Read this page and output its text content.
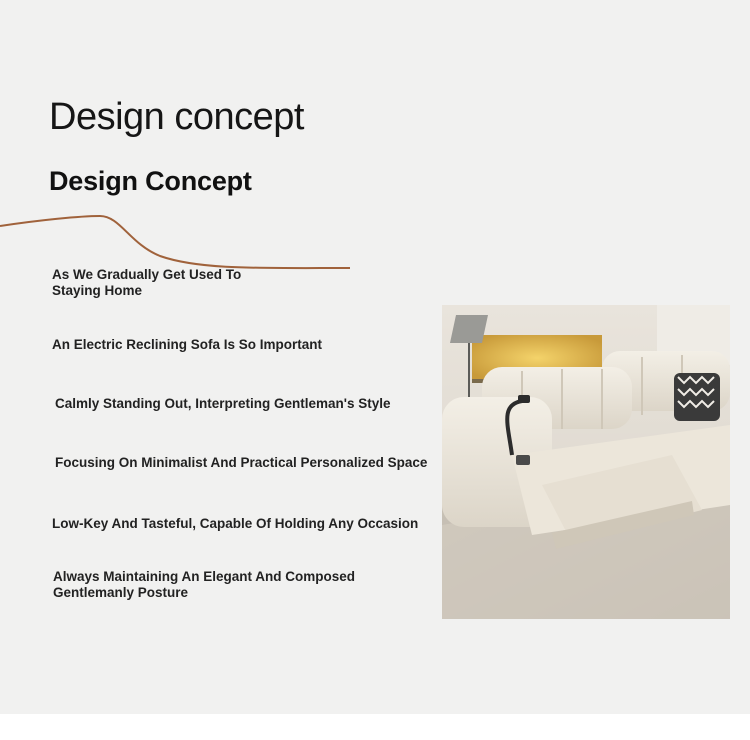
Design concept
Design Concept
As We Gradually Get Used To
Staying Home
An Electric Reclining Sofa Is So Important
Calmly Standing Out, Interpreting Gentleman's Style
Focusing On Minimalist And Practical Personalized Space
Low-Key And Tasteful, Capable Of Holding Any Occasion
Always Maintaining An Elegant And Composed
Gentlemanly Posture
